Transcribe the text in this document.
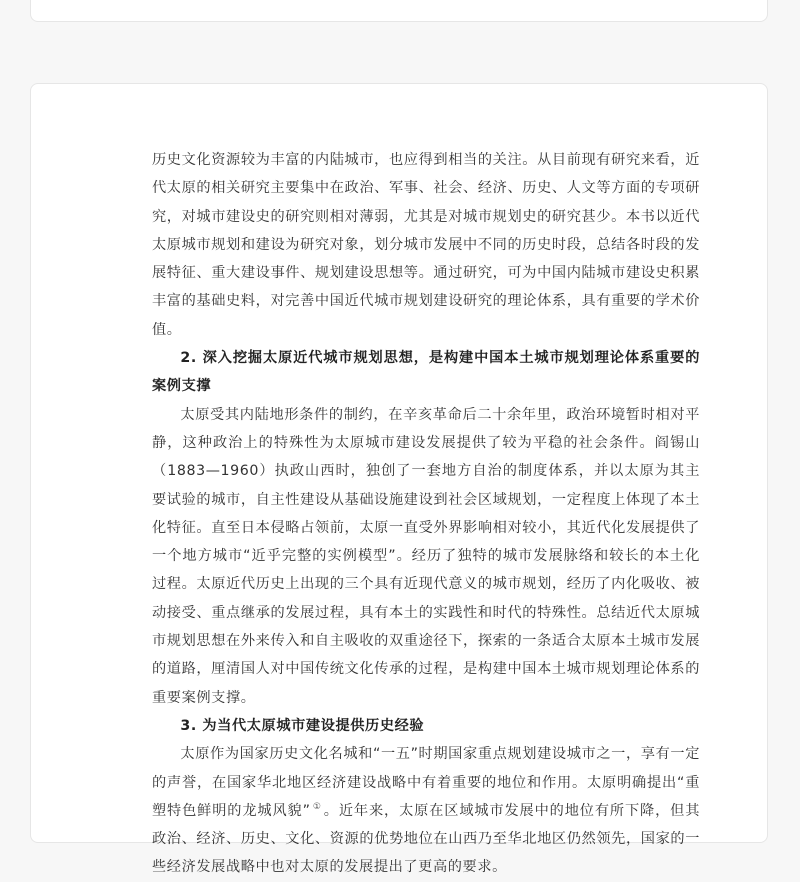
历史文化资源较为丰富的内陆城市，也应得到相当的关注。从目前现有研究来看，近代太原的相关研究主要集中在政治、军事、社会、经济、历史、人文等方面的专项研究，对城市建设史的研究则相对薄弱，尤其是对城市规划史的研究甚少。本书以近代太原城市规划和建设为研究对象，划分城市发展中不同的历史时段，总结各时段的发展特征、重大建设事件、规划建设思想等。通过研究，可为中国内陆城市建设史积累丰富的基础史料，对完善中国近代城市规划建设研究的理论体系，具有重要的学术价值。

2. 深入挖掘太原近代城市规划思想，是构建中国本土城市规划理论体系重要的案例支撑

太原受其内陆地形条件的制约，在辛亥革命后二十余年里，政治环境暂时相对平静，这种政治上的特殊性为太原城市建设发展提供了较为平稳的社会条件。阎锡山（1883—1960）执政山西时，独创了一套地方自治的制度体系，并以太原为其主要试验的城市，自主性建设从基础设施建设到社会区域规划，一定程度上体现了本土化特征。直至日本侵略占领前，太原一直受外界影响相对较小，其近代化发展提供了一个地方城市“近乎完整的实例模型”。经历了独特的城市发展脉络和较长的本土化过程。太原近代历史上出现的三个具有近现代意义的城市规划，经历了内化吸收、被动接受、重点继承的发展过程，具有本土的实践性和时代的特殊性。总结近代太原城市规划思想在外来传入和自主吸收的双重途径下，探索的一条适合太原本土城市发展的道路，厘清国人对中国传统文化传承的过程，是构建中国本土城市规划理论体系的重要案例支撑。

3. 为当代太原城市建设提供历史经验

太原作为国家历史文化名城和“一五”时期国家重点规划建设城市之一，享有一定的声誉，在国家华北地区经济建设战略中有着重要的地位和作用。太原明确提出“重塑特色鲜明的龙城风貌” ① 。近年来，太原在区域城市发展中的地位有所下降，但其政治、经济、历史、文化、资源的优势地位在山西乃至华北地区仍然领先，国家的一些经济发展战略中也对太原的发展提出了更高的要求。
